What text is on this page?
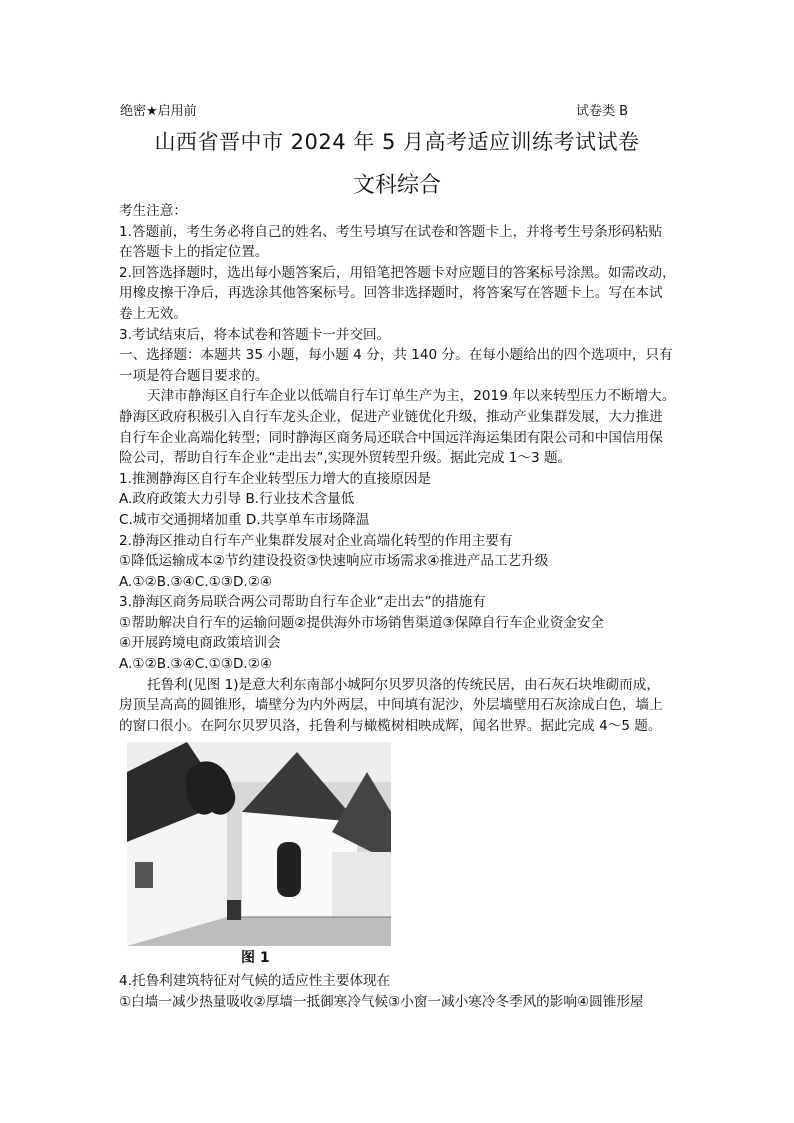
绝密★启用前	试卷类 B
山西省晋中市 2024 年 5 月高考适应训练考试试卷
文科综合

考生注意：

1.答题前，考生务必将自己的姓名、考生号填写在试卷和答题卡上，并将考生号条形码粘贴

在答题卡上的指定位置。

2.回答选择题时，选出每小题答案后，用铅笔把答题卡对应题目的答案标号涂黑。如需改动，

用橡皮擦干净后，再选涂其他答案标号。回答非选择题时，将答案写在答题卡上。写在本试

卷上无效。

3.考试结束后，将本试卷和答题卡一并交回。

一、选择题：本题共 35 小题，每小题 4 分，共 140 分。在每小题给出的四个选项中，只有

一项是符合题目要求的。

天津市静海区自行车企业以低端自行车订单生产为主，2019 年以来转型压力不断增大。

静海区政府积极引入自行车龙头企业，促进产业链优化升级，推动产业集群发展，大力推进

自行车企业高端化转型；同时静海区商务局还联合中国远洋海运集团有限公司和中国信用保

险公司，帮助自行车企业“走出去”,实现外贸转型升级。据此完成 1～3 题。

1.推测静海区自行车企业转型压力增大的直接原因是

A.政府政策大力引导 B.行业技术含量低

C.城市交通拥堵加重 D.共享单车市场降温

2.静海区推动自行车产业集群发展对企业高端化转型的作用主要有

①降低运输成本②节约建设投资③快速响应市场需求④推进产品工艺升级

A.①②B.③④C.①③D.②④

3.静海区商务局联合两公司帮助自行车企业“走出去”的措施有

①帮助解决自行车的运输问题②提供海外市场销售渠道③保障自行车企业资金安全

④开展跨境电商政策培训会

A.①②B.③④C.①③D.②④

托鲁利(见图 1)是意大利东南部小城阿尔贝罗贝洛的传统民居，由石灰石块堆砌而成，

房顶呈高高的圆锥形，墙壁分为内外两层，中间填有泥沙，外层墙壁用石灰涂成白色，墙上

的窗口很小。在阿尔贝罗贝洛，托鲁利与橄榄树相映成辉，闻名世界。据此完成 4～5 题。

图 1

4.托鲁利建筑特征对气候的适应性主要体现在

①白墙一减少热量吸收②厚墙一抵御寒冷气候③小窗一减小寒冷冬季风的影响④圆锥形屋
